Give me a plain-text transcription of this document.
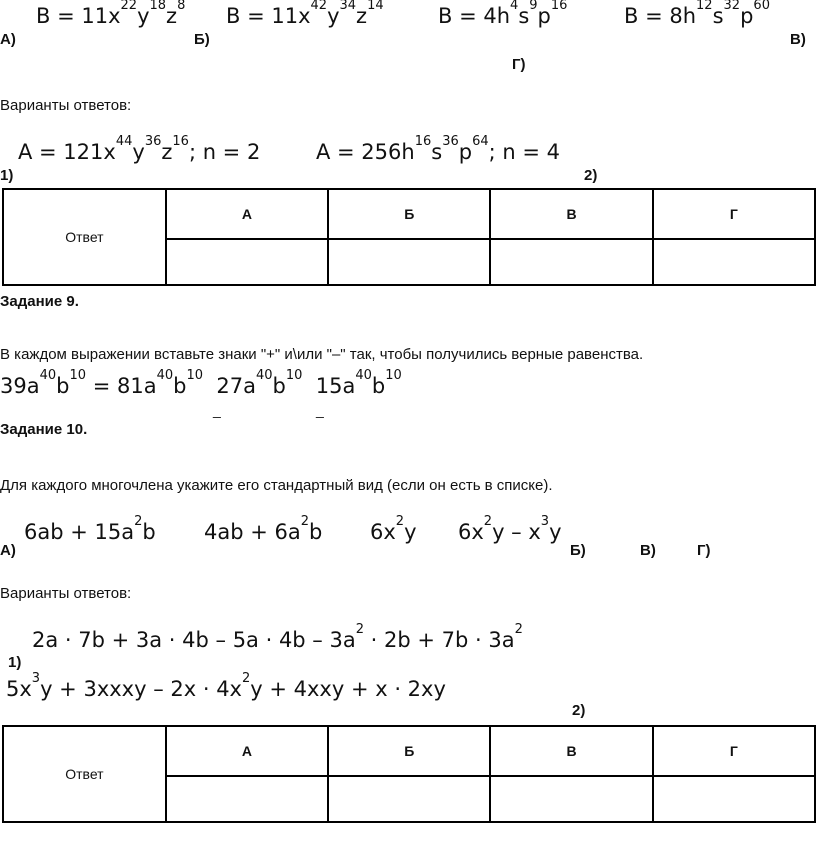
$B = 11x^{22}y^{18}z^8$
А)	Б)
$B = 11x^{42}y^{34}z^{14}$	$B = 4h^4s^9p^{16}$
Г)
$B = 8h^{12}s^{32}p^{60}$
В)
Варианты ответов:
$A = 121x^{44}y^{36}z^{16}$; n = 2
1)
$A = 256h^{16}s^{36}p^{64}$; n = 4
2)
Ответ	А	Б	В	Г

Задание 9.
В каждом выражении вставьте знаки "+" и\или "–" так, чтобы получились верные равенства.
$39a^{40}b^{10} = 81a^{40}b^{10}$ $27a^{40}b^{10}$ $15a^{40}b^{10}$
_	_
Задание 10.
Для каждого многочлена укажите его стандартный вид (если он есть в списке).
$6ab + 15a^2b$ $4ab + 6a^2b$ $6x^2y$ $6x^2y - x^3y$
А)	Б)	В)	Г)
Варианты ответов:
$2a \cdot 7b + 3a \cdot 4b - 5a \cdot 4b - 3a^2 \cdot 2b + 7b \cdot 3a^2$
1)
$5x^3y$ + 3xxxy – $2x \cdot 4x^2y + 4xxy + x \cdot 2xy$
2)
Ответ	А	Б	В	Г
